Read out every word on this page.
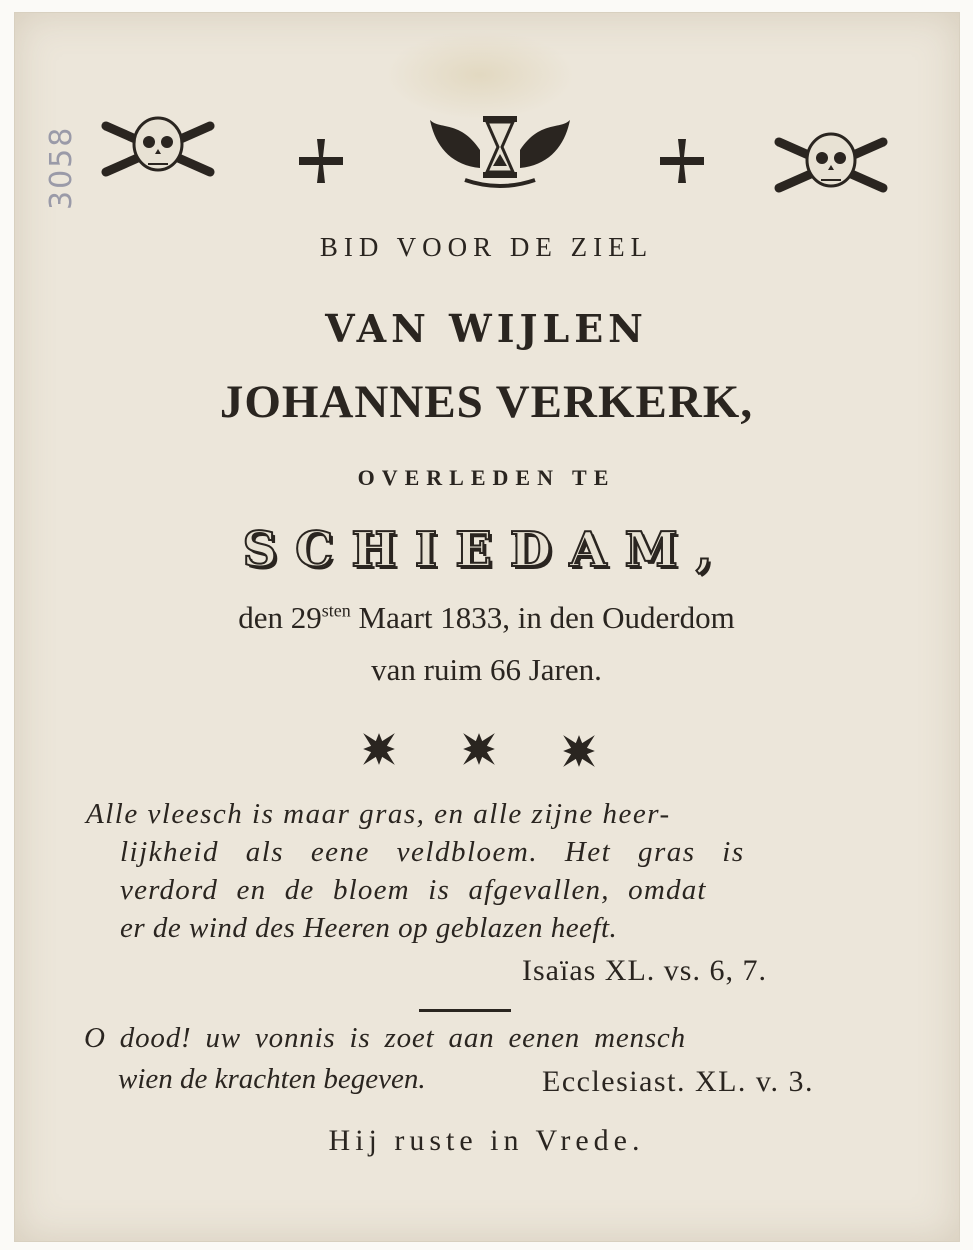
3058
BID VOOR DE ZIEL
VAN WIJLEN
JOHANNES VERKERK,
OVERLEDEN TE
SCHIEDAM,
den $29^{sten}$ Maart 1833, in den Ouderdom
van ruim 66 Jaren.
Alle vleesch is maar gras, en alle zijne heer-
lijkheid als eene veldbloem. Het gras is
verdord en de bloem is afgevallen, omdat
er de wind des Heeren op geblazen heeft.
Isaïas XL. vs. 6, 7.
O dood! uw vonnis is zoet aan eenen mensch
wien de krachten begeven.	Ecclesiast. XL. v. 3.
Hij ruste in Vrede.
